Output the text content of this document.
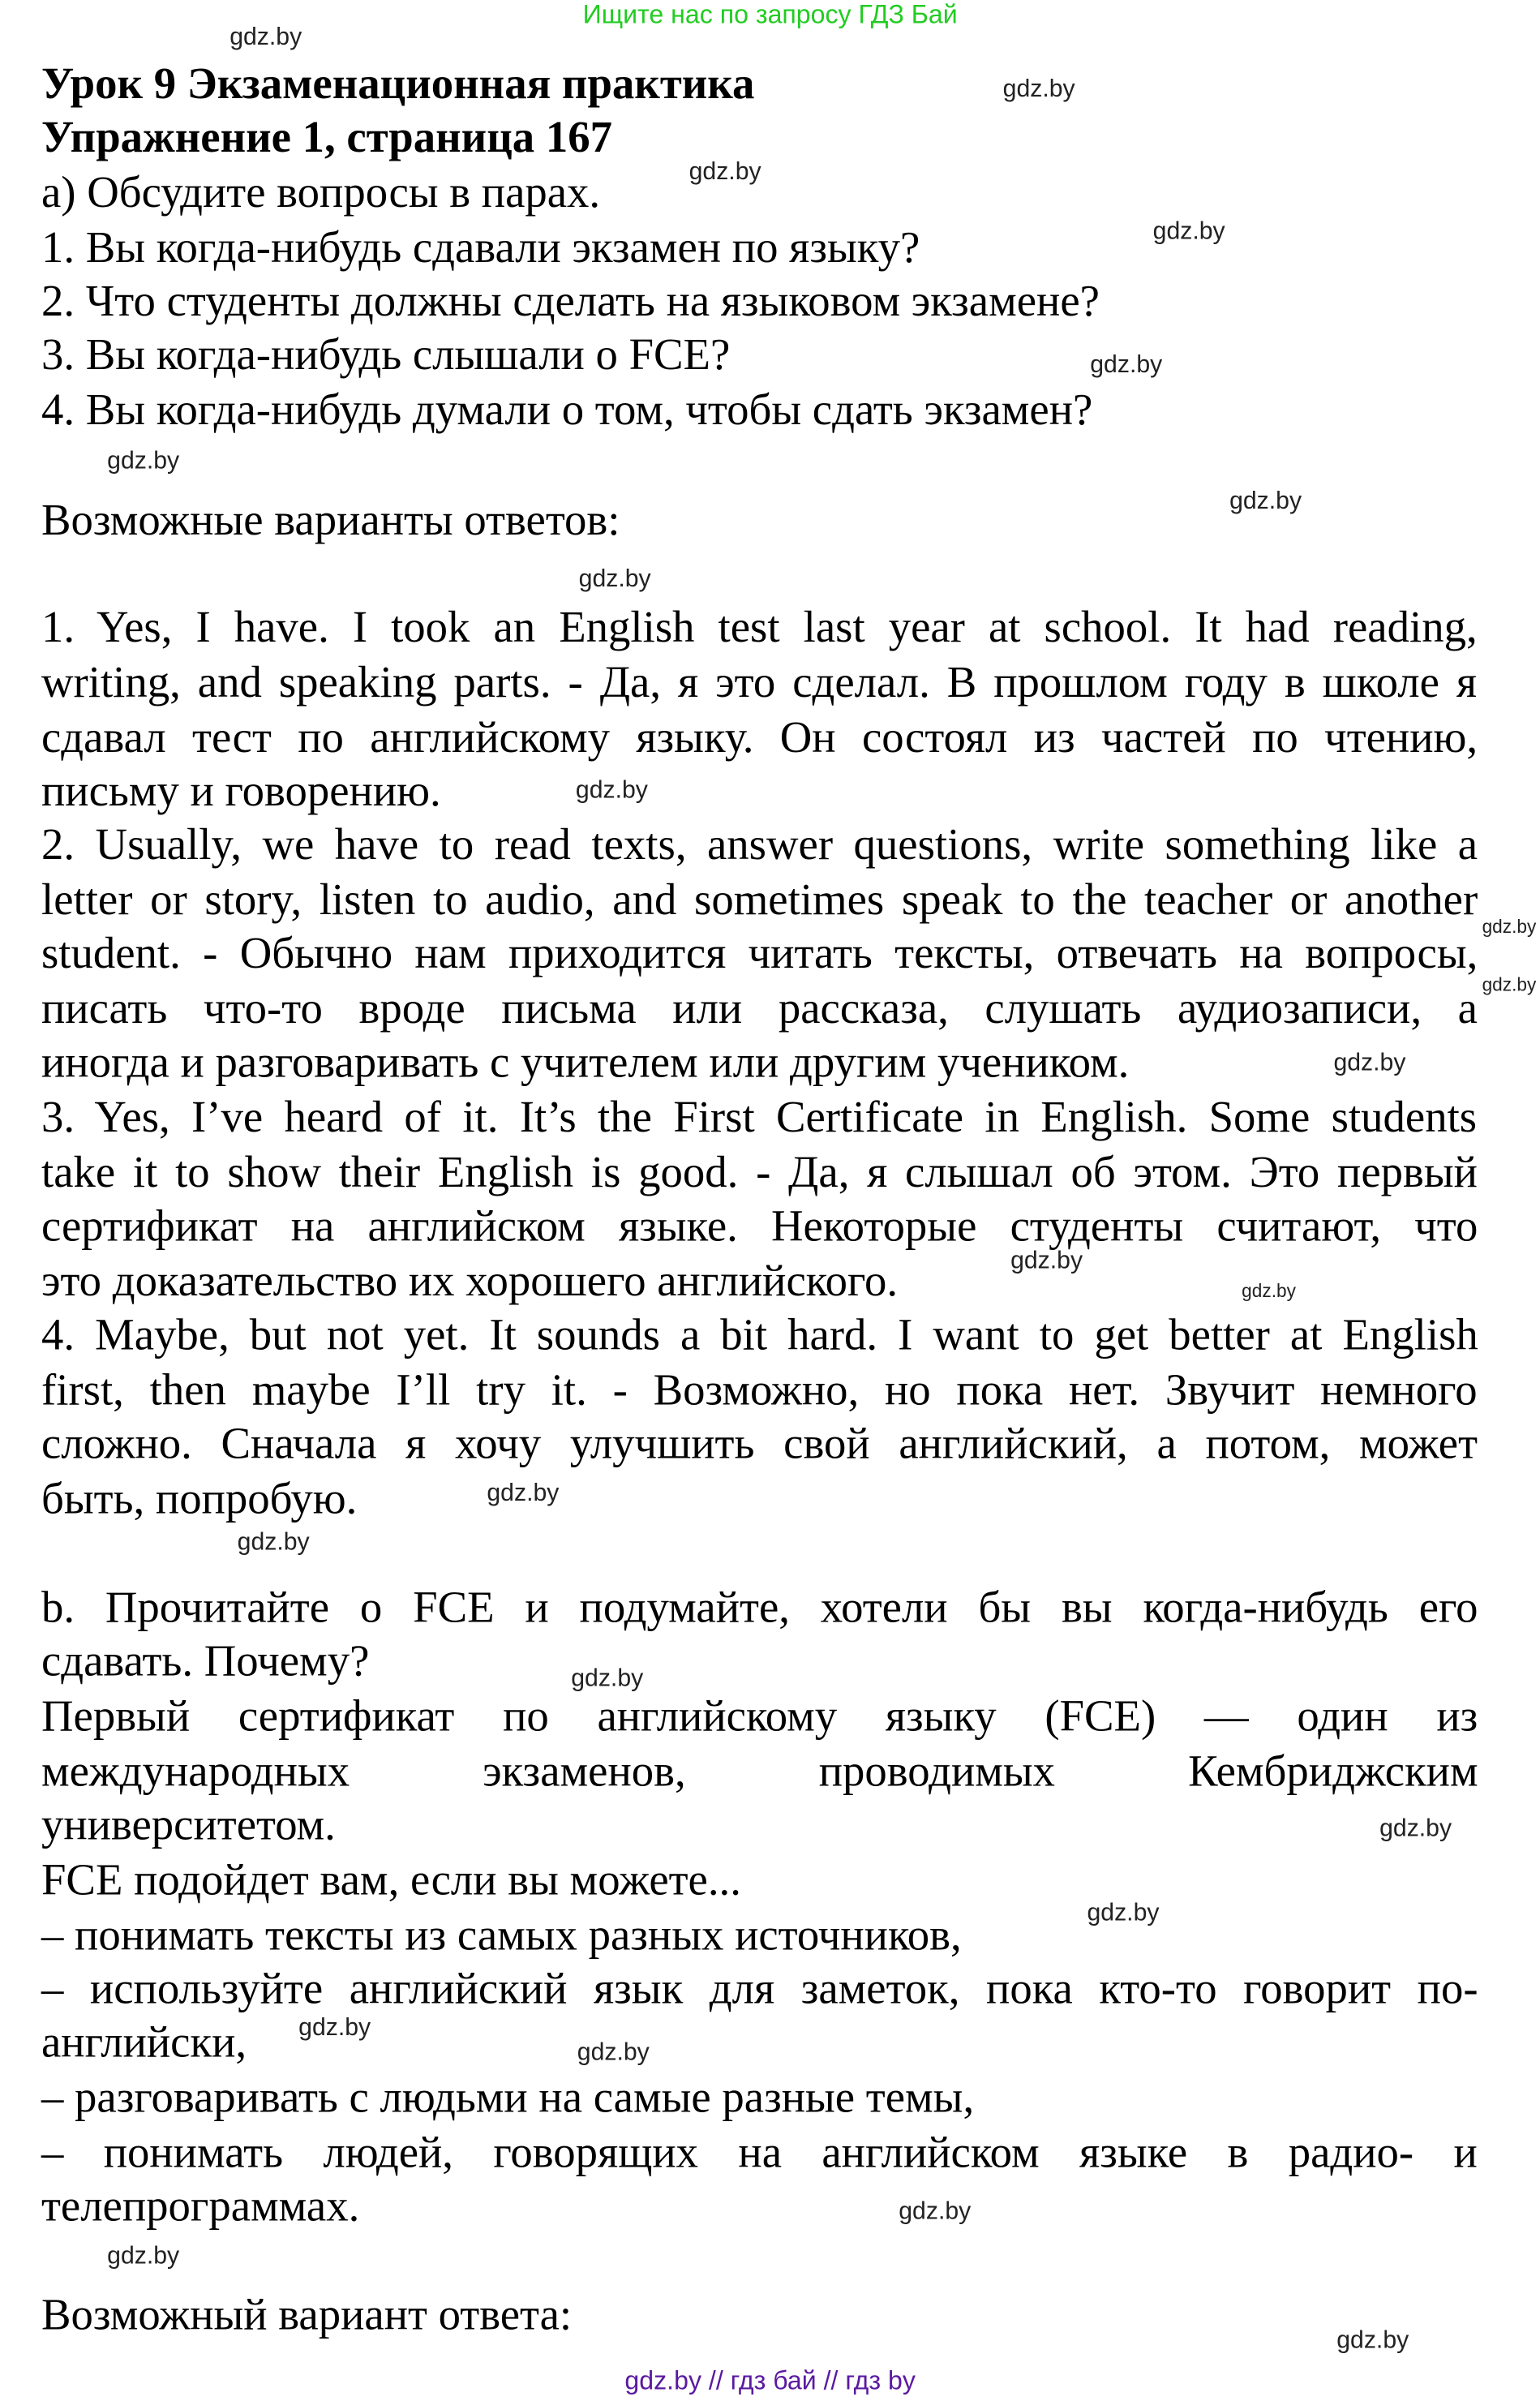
Ищите нас по запросу ГДЗ Бай
Урок 9 Экзаменационная практика
Упражнение 1, страница 167
а) Обсудите вопросы в парах.
1. Вы когда-нибудь сдавали экзамен по языку?
2. Что студенты должны сделать на языковом экзамене?
3. Вы когда-нибудь слышали о FCE?
4. Вы когда-нибудь думали о том, чтобы сдать экзамен?
Возможные варианты ответов:
1. Yes, I have. I took an English test last year at school. It had reading,
writing, and speaking parts. - Да, я это сделал. В прошлом году в школе я
сдавал тест по английскому языку. Он состоял из частей по чтению,
письму и говорению.
2. Usually, we have to read texts, answer questions, write something like a
letter or story, listen to audio, and sometimes speak to the teacher or another
student. - Обычно нам приходится читать тексты, отвечать на вопросы,
писать что-то вроде письма или рассказа, слушать аудиозаписи, а
иногда и разговаривать с учителем или другим учеником.
3. Yes, I’ve heard of it. It’s the First Certificate in English. Some students
take it to show their English is good. - Да, я слышал об этом. Это первый
сертификат на английском языке. Некоторые студенты считают, что
это доказательство их хорошего английского.
4. Maybe, but not yet. It sounds a bit hard. I want to get better at English
first, then maybe I’ll try it. - Возможно, но пока нет. Звучит немного
сложно. Сначала я хочу улучшить свой английский, а потом, может
быть, попробую.
b. Прочитайте о FCE и подумайте, хотели бы вы когда-нибудь его
сдавать. Почему?
Первый сертификат по английскому языку (FCE) — один из
международных экзаменов, проводимых Кембриджским
университетом.
FCE подойдет вам, если вы можете...
– понимать тексты из самых разных источников,
– используйте английский язык для заметок, пока кто-то говорит по-
английски,
– разговаривать с людьми на самые разные темы,
– понимать людей, говорящих на английском языке в радио- и
телепрограммах.
Возможный вариант ответа:
gdz.by
gdz.by
gdz.by
gdz.by
gdz.by
gdz.by
gdz.by
gdz.by
gdz.by
gdz.by
gdz.by
gdz.by
gdz.by
gdz.by
gdz.by
gdz.by
gdz.by
gdz.by
gdz.by
gdz.by
gdz.by
gdz.by
gdz.by
gdz.by
gdz.by // гдз бай // гдз by
